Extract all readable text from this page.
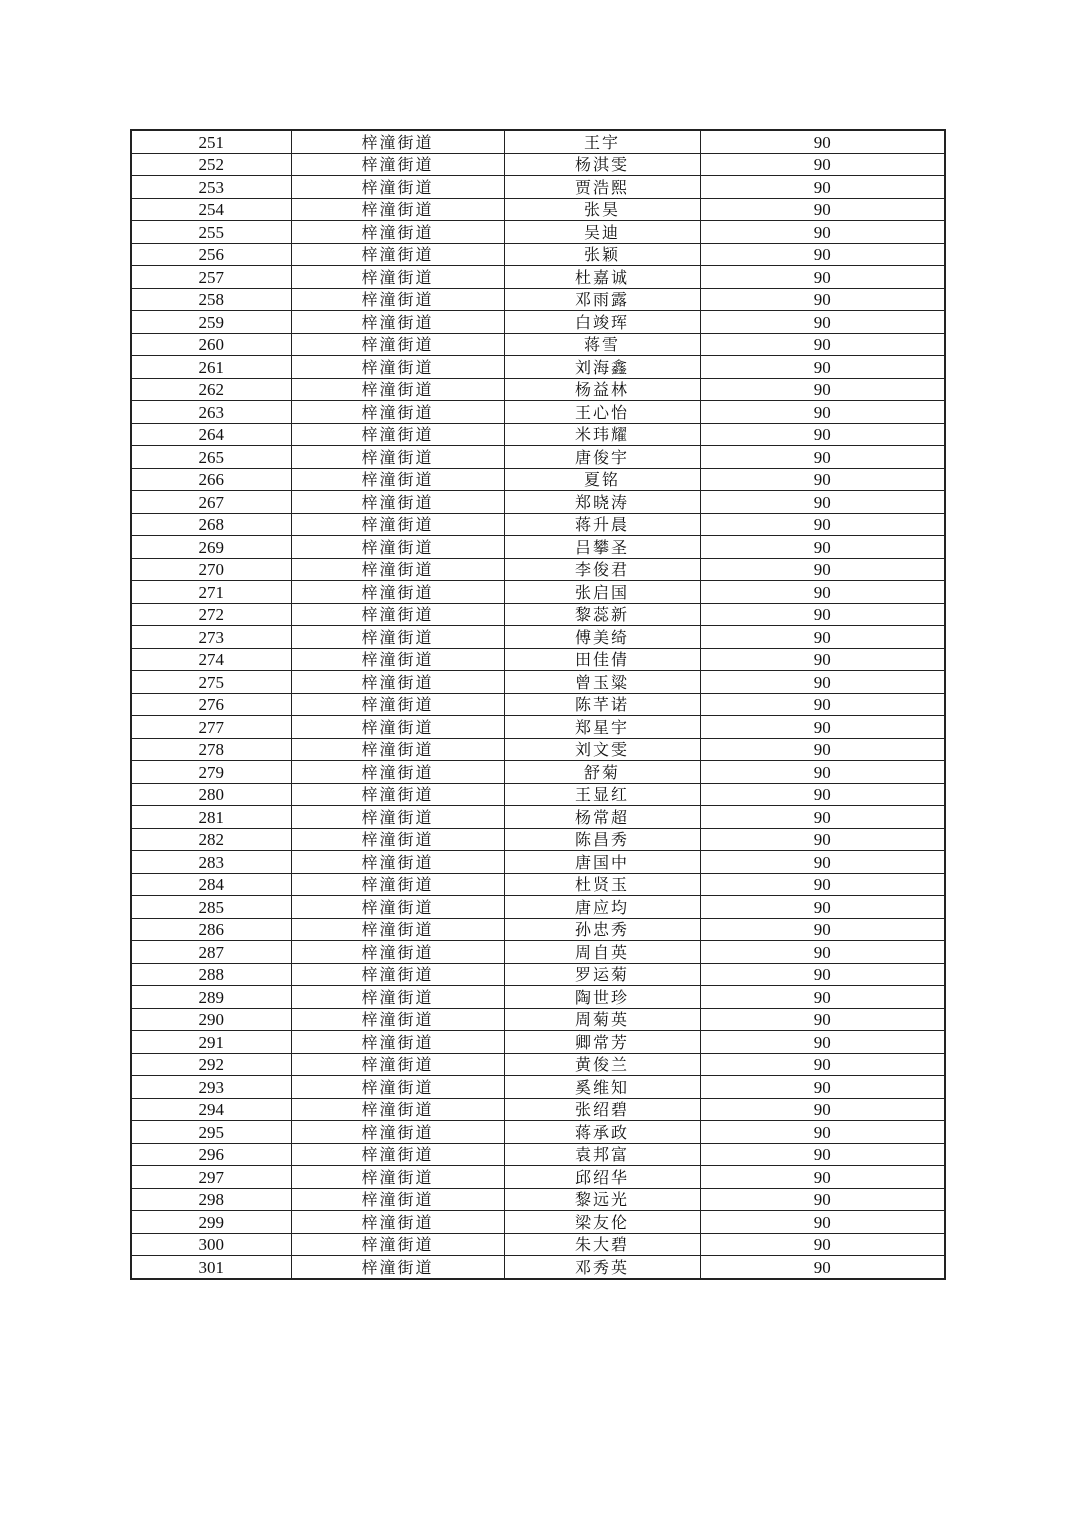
251	梓潼街道	王宇	90
252	梓潼街道	杨淇雯	90
253	梓潼街道	贾浩熙	90
254	梓潼街道	张昊	90
255	梓潼街道	吴迪	90
256	梓潼街道	张颖	90
257	梓潼街道	杜嘉诚	90
258	梓潼街道	邓雨露	90
259	梓潼街道	白竣珲	90
260	梓潼街道	蒋雪	90
261	梓潼街道	刘海鑫	90
262	梓潼街道	杨益林	90
263	梓潼街道	王心怡	90
264	梓潼街道	米玮耀	90
265	梓潼街道	唐俊宇	90
266	梓潼街道	夏铭	90
267	梓潼街道	郑晓涛	90
268	梓潼街道	蒋升晨	90
269	梓潼街道	吕攀圣	90
270	梓潼街道	李俊君	90
271	梓潼街道	张启国	90
272	梓潼街道	黎蕊新	90
273	梓潼街道	傅美绮	90
274	梓潼街道	田佳倩	90
275	梓潼街道	曾玉粱	90
276	梓潼街道	陈芊诺	90
277	梓潼街道	郑星宇	90
278	梓潼街道	刘文雯	90
279	梓潼街道	舒菊	90
280	梓潼街道	王显红	90
281	梓潼街道	杨常超	90
282	梓潼街道	陈昌秀	90
283	梓潼街道	唐国中	90
284	梓潼街道	杜贤玉	90
285	梓潼街道	唐应均	90
286	梓潼街道	孙忠秀	90
287	梓潼街道	周自英	90
288	梓潼街道	罗运菊	90
289	梓潼街道	陶世珍	90
290	梓潼街道	周菊英	90
291	梓潼街道	卿常芳	90
292	梓潼街道	黄俊兰	90
293	梓潼街道	奚维知	90
294	梓潼街道	张绍碧	90
295	梓潼街道	蒋承政	90
296	梓潼街道	袁邦富	90
297	梓潼街道	邱绍华	90
298	梓潼街道	黎远光	90
299	梓潼街道	梁友伦	90
300	梓潼街道	朱大碧	90
301	梓潼街道	邓秀英	90
